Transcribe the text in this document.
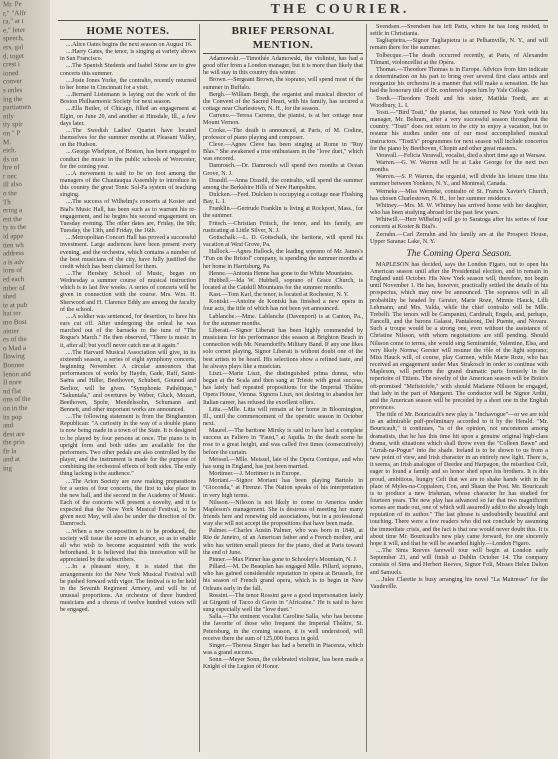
Mr. Pe
r," "Alfr
ra," at t
e," Ieter
speech,
ers, gal
d, toget
crest i
ioned
conver
s unles
ing the
partiamen
ntly
tty spir
on " P
M.
eich.
ds on
hre of
r nec
ill also
o the
Th
ering a
ent the
ty to the
id appe
tten wh
address
a is adv
ions of
ed each
mber of
shed
te at pub
hat ter
mo Bost
ainter
es of the
o Mad a
Ilowing
Bonnee
Ienon and
Il nore
nd flat
ons of the
on in the
its pop
and
dest are
the prin
fir la
and at
ing
THE COURIER.
HOME NOTES.

....Alice Oates begins the next season on August 16.

....Harry Gates, the tenor, is singing at variety shows in San Francisco.

....The Spanish Students and Isabel Stone are to give concerts this summer.

....Josie Jones Yorke, the contralto, recently returned to her home in Cincinnati for a visit.

....Bernard Listemann is laying out the work of the Boston Philharmonic Society for next season.

....Ella Butler, of Chicago, filled an engagement at Elgin, on June 20, and another at Hinsdale, Ill., a few days later.

....The Swedish Ladies' Quartet have located themselves for the summer months at Pleasant Valley, on the Hudson.

....George Whelpton, of Boston, has been engaged to conduct the music in the public schools of Worcester, for the coming year.

....A movement is said to be on foot among the managers of the Chautauqua Assembly to introduce in this country the great Tonic Sol-Fa system of teaching singing.

....The success of Wilhelmj's concerts at Koster and Bial's Music Hall, has been such as to warrant his re-engagement, and he begins his second engagement on Tuesday evening. The other dates are, Friday, the 9th; Tuesday, the 13th, and Friday, the 16th.

....Metropolitan Concert Hall has proved a successful investment. Large audiences have been present every evening, and the orchestra, which contains a number of the best musicians of the city, have fully justified the credit which has been claimed for them.

....The Hershey School of Music, began on Wednesday a summer course of musical instruction which is to last five weeks. A series of concerts will be given in connection with the course. Mrs. Wm. H. Sherwood and H. Clarence Eddy are among the faculty of the school.

....A soldier was sentenced, for desertion, to have his ears cut off. After undergoing the ordeal he was marched out of the barracks to the tune of "The Rogue's March." He then observed, "There is music in it, after all; but you'll never catch me at it again."

....The Harvard Musical Association will give, in its sixteenth season, a series of eight symphony concerts, beginning November. A circular announces that performances of works by Haydn, Gade, Raff, Saint-Saëns and Hiller, Beethoven, Schubert, Gounod and Berlioz, will be given. "Symphonie Pathétique," "Sakuntala," and overtures by Weber, Gluck, Mozart, Beethoven, Spohr, Mendelssohn, Schumann and Bennett, and other important works are announced.

....The following statement is from the Binghamton Republican: "A curiosity in the way of a double piano is now being made in a town of the State. It is designed to be played by four persons at once. The piano is in upright form and both sides are available for the performers. Two other pedals are also controlled by the player, and the instrument is made for the purpose of combining the orchestral effects of both sides. The only thing lacking is the audience."

....The Arion Society are now making preparations for a series of four concerts, the first to take place in the new hall, and the second in the Academy of Music. Each of the concerts will present a novelty, and it is expected that the New York Musical Festival, to be given next May, will also be under the direction of Dr. Damrosch.

....When a new composition is to be produced, the society will issue the score in advance, so as to enable all who wish to become acquainted with the work beforehand. It is believed that this innovation will be appreciated by the subscribers.

....In a pleasant story, it is stated that the arrangements for the New York Musical Festival will be pushed forward with vigor. The festival is to be held in the Seventh Regiment Armory, and will be of unusual proportions. An orchestra of three hundred musicians and a chorus of twelve hundred voices will be engaged.

BRIEF PERSONAL MENTION.

Adamowski.—Timothée Adamowski, the violinist, has had a good offer from a London manager, but it is more than likely that he will stay in this country this winter.

Brown.—Sergeant Brown, the soprano, will spend most of the summer in Buffalo.

Bergh.—William Bergh, the organist and musical director of the Convent of the Sacred Heart, with his family, has secured a cottage near Charlestown, N. H., for the season.

Carreno.—Teresa Carreno, the pianist, is at her cottage near Mount Vernon.

Cooke.—The death is announced, at Paris, of M. Codine, professor of piano playing and composer.

Cleve.—Agnes Cleve has been singing at Rome in "Ruy Blas." She awakened a true enthusiasm in the "love duet," which was encored.

Damrosch.—Dr. Damrosch will spend two months at Ocean Grove, N. J.

Drasdil.—Anna Drasdil, the contralto, will spend the summer among the Berkshire Hills of New Hampshire.

Dulcken.—Ferd. Dulcken is occupying a cottage near Flushing Bay, L. I.

Franklin.—Gertrude Franklin is living at Rockport, Mass., for the summer.

Fritsch.—Christian Fritsch, the tenor, and his family, are rusticating at Little Silver, N. J.

Gottschalk.—L. D. Gottschalk, the baritone, will spend his vacation at West Grove, Pa.

Hallock.—Agnes Hallock, the leading soprano of Mr. James's "Fun on the Bristol" company, is spending the summer months at her home in Harrisburg, Pa.

Henne.—Antonia Henne has gone to the White Mountains.

Hubbell.—Ida W. Hubbell, soprano of Grace Church, is located at the Catskill Mountains for the summer months.

Kast.—Tom Karl, the tenor, is located at Rochester, N. Y.

Kontski.—Antoine de Kontski has finished a new opera in four acts, the title of which has not been yet announced.

Lablanche.—Mme. Lablanche (Davenport) is at Canton, Pa., for the summer months.

Liberati.—Signor Liberati has been highly commended by musicians for his performance this season at Brighton Beach in connection with Mr. Neuendorff's Military Band. If any one likes solo cornet playing, Signor Liberati is without doubt one of the best artists to be heard. His selections show a refined taste, and he always plays like a musician.

Liszt.—Marie Liszt, the distinguished prima donna, who began at the Scala and then sang at Trieste with great success, has lately had repeated propositions for the Imperial Théâtre Opera House, Vienna. Signora Liszt, not desiring to abandon her Italian career, has refused the excellent offers.

Litta.—Mlle. Litta will remain at her home in Bloomington, Ill., until the commencement of the operatic season in October next.

Maurel.—The baritone Mirsky is said to have had a complete success as Faliero in "Faust," at Aquila. In the death scene he rose to a great height, and was called five times (consecutively) before the curtain.

Meissel.—Mlle. Meissel, late of the Opera Comique, and who has sung in England, has just been married.

Mortimer.—J. Mortimer is in Europe.

Moriani.—Signor Moriani has been playing Bartolo in "Gioconda," at Firenze. The Nation speaks of his interpretation in very high terms.

Nilsson.—Nilsson is not likely to come to America under Mapleson's management. She is desirous of meeting her many friends here and renewing old associations, but in a professional way she will not accept the propositions that have been made.

Palmer.—Charles Austin Palmer, who was born in 1840, at Rio de Janeiro, of an American father and a French mother, and who has written small pieces for the piano, died at Paris toward the end of June.

Pinner.—Max Pinner has gone to Schooley's Mountain, N. J.

Pillard.—M. De Beauplan has engaged Mlle. Pillard, soprano, who has gained considerable reputation in opera at Brussels, for his season of French grand opera, which is to begin in New Orleans early in the fall.

Rossini.—The tenor Rossini gave a good impersonation lately at Girgenti of Tacco di Gavio in "Africaine." He is said to have sung especially well the "love duet."

Salla.—The eminent vocalist Caroline Salla, who has become the favorite of those who frequent the Imperial Théâtre, St. Petersburg, in the coming season, it is well understood, will receive there the sum of 125,000 francs in gold.

Singer.—Theresa Singer has had a benefit in Piacenza, which was a grand success.

Sonn.—Meyer Sonn, the celebrated violinist, has been made a Knight of the Legion of Honor.

Svendsen.—Svendsen has left Paris, where he has long resided, to settle in Christiania.

Tagliapietra.—Signor Tagliapietra is at Pelhamville, N. Y., and will remain there for the summer.

Tolbecque.—The death occurred recently, at Paris, of Alexandre Tilmant, violoncellist at the Opéra.

Thomas.—Theodore Thomas is in Europe. Advices from him indicate a determination on his part to bring over several first class artists and reorganize his orchestra in a manner that will make a sensation. He has had the honorary title of Dr. conferred upon him by Yale College.

Toedt.—Theodore Toedt and his sister, Matilda Toedt, are at Woodbury, L. I.

Tosti.—"Bird Tosti," the pianist, has returned to New York with his manager, Mr. Beltram, after a very successful season throughout the country. "Tosti" does not return to the city to enjoy a vacation, but to resume his studies under one of our most accomplished musical instructors. "Tosti's" programmes for next season will include concertos for the piano by Beethoven, Chopin and other great masters.

Veravall.—Felicia Veravall, vocalist, died a short time ago at Warsaw.

Warren.—G. W. Warren will be at Lake George for the next two months.

Warren.—S. P. Warren, the organist, will divide his leisure time this summer between Yonkers, N. Y., and Montreal, Canada.

Werneke.—Miss Werneke, contralto of St. Francis Xavier's Church, has chosen Charlestown, N. H., for her summer residence.

Whitney.—Mrs. M. W. Whitney has arrived home with her daughter, who has been studying abroad for the past few years.

Whitwill.—Herr Wilhelmj will go to Saratoga after his series of four concerts at Koster & Bial's.

Zerrahn.—Carl Zerrahn and his family are at the Prospect House, Upper Saranac Lake, N. Y.

The Coming Opera Season.

MAPLESON has decided, says the London Figaro, not to open his American season until after the Presidential election, and to remain in England until October. His New York season will, therefore, not begin until November 1. He has, however, practically settled the details of his prospectus, which may now be announced. The sopranos will in all probability be headed by Gerster, Marie Roze, Minnie Hauck, Lilli Lehmann, and Mrs. Valda, while the chief contralto will be Mlle. Trebelli. The tenors will be Campanini, Cardinali, Engels, and, perhaps, Fancelli, and the barons Galassi, Pantaleoni, Del Puente, and Novara. Such a troupe would be a strong one, even without the assistance of Christine Nilsson, with whom negotiations are still pending. Should Nilsson come to terms, she would sing Semiramide, Valentine, Elsa, and very likely Norma; Gerster will resume the rôle of the light soprano; Miss Hauck will, of course, play Carmen, while Marie Roze, who has received an engagement under Max Strakosch in order to continue with Mapleson, will perform the grand dramatic parts formerly in the repertoire of Titiens. The novelty of the American season will be Boito's oft-promised "Mefistofele," with should Madame Nilsson be engaged, that lady in the part of Margaret. The conductor will be Signor Arditi, and the American season will be preceded by a short one in the English provinces.

The title of Mr. Bouricault's new play is "Inchavogue"—or we are told in an admirable puff-preliminary accorded to it by the Herald. "Mr. Bouricault," it continues, "is of the opinion, not uncommon among dramatists, that he has this time hit upon a genuine original high-class drama, with situations which shall throw even the "Colleen Bawn" and "Arrah-na-Pogue" into the shade. Ireland is to be shown to us from a new point of view, and Irish character in an entirely new light. There is, it seems, an Irish analogue of Deedee and Harpagon, the miserliest Celt, eager to found a family and so honor shed upon his brothers. It is this proud, ambitious, hungry Celt that we are to shake hands with in the place of Myles-na-Coppaleen, Con, and Shaun the Post. Mr. Bouricault is to produce a new Irishman, whose character he has studied for fourteen years. The new play has advanced so far that two magnificent scenes are made out, one of which will assuredly add to the already high reputation of its author." The last phrase is undoubtedly beautiful and touching. There were a few readers who did not conclude by assuming the immediate crisis, and the fact is that one would never doubt this. It is about time Mr. Bouricault's new play came forward, for one sincerely hope it will, and that he will be awarded highly.—London Figaro.

....The Sims Reeves farewell tour will begin at London early September 23, and will finish at Dublin October 14. The company consists of Sims and Herbert Reeves, Signor Foli, Misses Helen Dalton and Samuels.

....Jules Claretie is busy arranging his novel "La Maitresse" for the Vaudeville.
